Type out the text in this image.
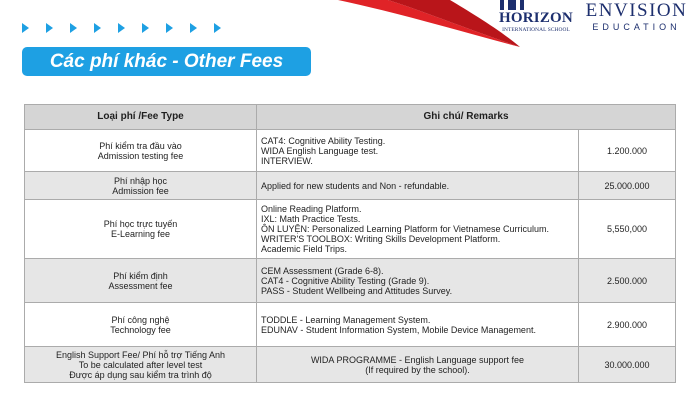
HORIZON
INTERNATIONAL SCHOOL
ENVISION
EDUCATION
Các phí khác - Other Fees
Loại phí /Fee Type	Ghi chú/ Remarks	

Phí kiểm tra đầu vào
Admission testing fee	CAT4: Cognitive Ability Testing.
WIDA English Language test.
INTERVIEW.	1.200.000

Phí nhập học
Admission fee	Applied for new students and Non - refundable.	25.000.000

Phí học trực tuyến
E-Learning fee	Online Reading Platform.
IXL: Math Practice Tests.
ÔN LUYỆN: Personalized Learning Platform for Vietnamese Curriculum.
WRITER'S TOOLBOX: Writing Skills Development Platform.
Academic Field Trips.	5,550,000

Phí kiểm định
Assessment fee	CEM Assessment (Grade 6-8).
CAT4 - Cognitive Ability Testing (Grade 9).
PASS - Student Wellbeing and Attitudes Survey.	2.500.000

Phí công nghệ
Technology fee	TODDLE - Learning Management System.
EDUNAV - Student Information System, Mobile Device Management.	2.900.000

English Support Fee/ Phí hỗ trợ Tiếng Anh
To be calculated after level test
Được áp dụng sau kiểm tra trình độ	WIDA PROGRAMME - English Language support fee
(If required by the school).	30.000.000
